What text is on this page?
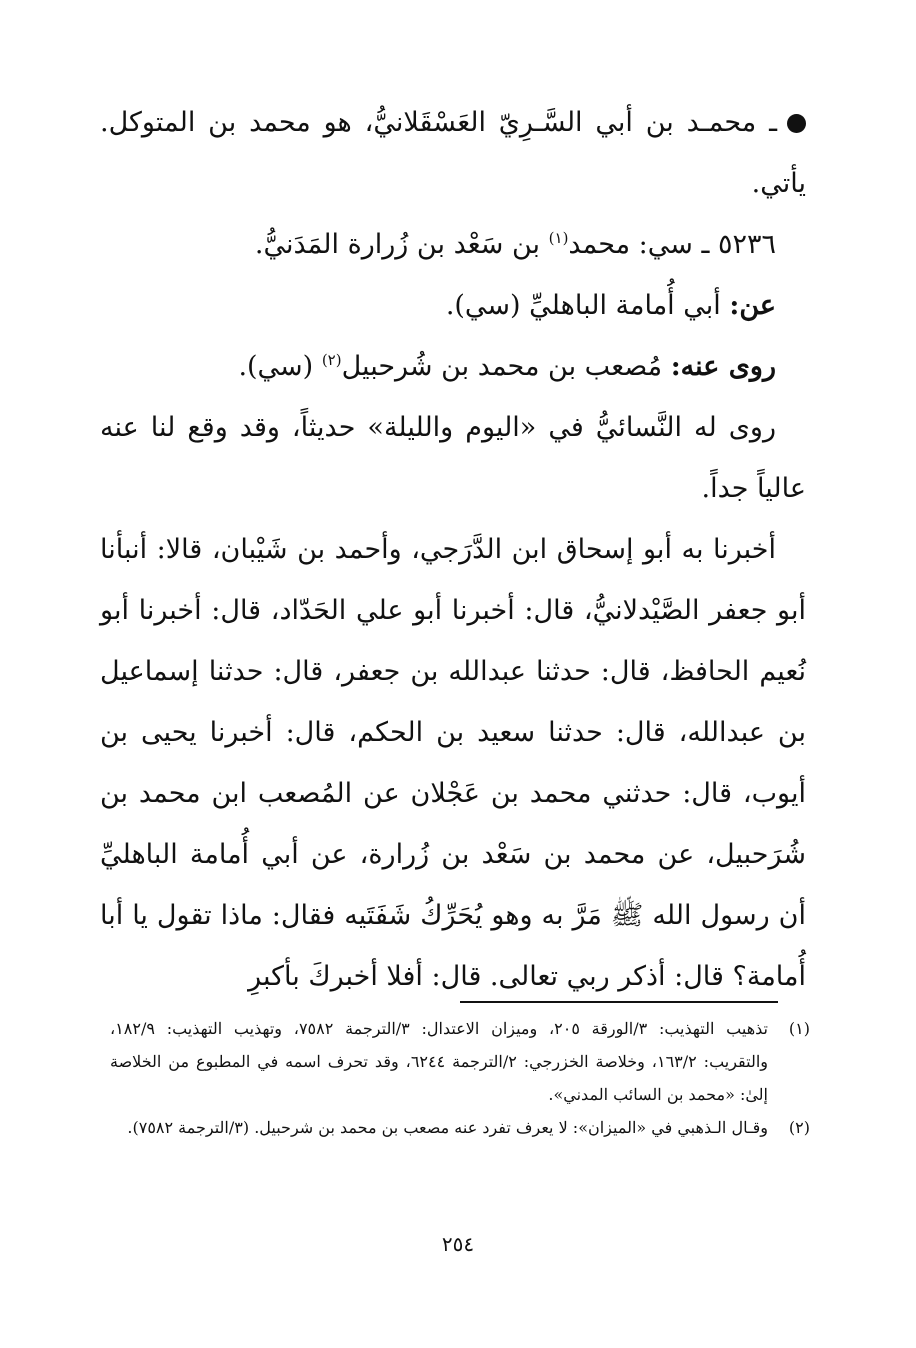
ـ محمـد بن أبي السَّـرِيّ العَسْقَلانيُّ، هو محمد بن المتوكل. يأتي.

٥٢٣٦ ـ سي: محمد$^{(١)}$ بن سَعْد بن زُرارة المَدَنيُّ.

عن: أبي أُمامة الباهليِّ (سي).

روى عنه: مُصعب بن محمد بن شُرحبيل$^{(٢)}$ (سي).

روى له النَّسائيُّ في «اليوم والليلة» حديثاً، وقد وقع لنا عنه عالياً جداً.

أخبرنا به أبو إسحاق ابن الدَّرَجي، وأحمد بن شَيْبان، قالا: أنبأنا أبو جعفر الصَّيْدلانيُّ، قال: أخبرنا أبو علي الحَدّاد، قال: أخبرنا أبو نُعيم الحافظ، قال: حدثنا عبدالله بن جعفر، قال: حدثنا إسماعيل بن عبدالله، قال: حدثنا سعيد بن الحكم، قال: أخبرنا يحيى بن أيوب، قال: حدثني محمد بن عَجْلان عن المُصعب ابن محمد بن شُرَحبيل، عن محمد بن سَعْد بن زُرارة، عن أبي أُمامة الباهليِّ أن رسول الله ﷺ مَرَّ به وهو يُحَرِّكُ شَفَتَيه فقال: ماذا تقول يا أبا أُمامة؟ قال: أذكر ربي تعالى. قال: أفلا أخبركَ بأكبرِ

(١)
تذهيب التهذيب: ٣/الورقة ٢٠٥، وميزان الاعتدال: ٣/الترجمة ٧٥٨٢، وتهذيب التهذيب: ١٨٢/٩، والتقريب: ١٦٣/٢، وخلاصة الخزرجي: ٢/الترجمة ٦٢٤٤، وقد تحرف اسمه في المطبوع من الخلاصة إلىٰ: «محمد بن السائب المدني».
(٢)
وقـال الـذهبي في «الميزان»: لا يعرف تفرد عنه مصعب بن محمد بن شرحبيل. (٣/الترجمة ٧٥٨٢).
٢٥٤
